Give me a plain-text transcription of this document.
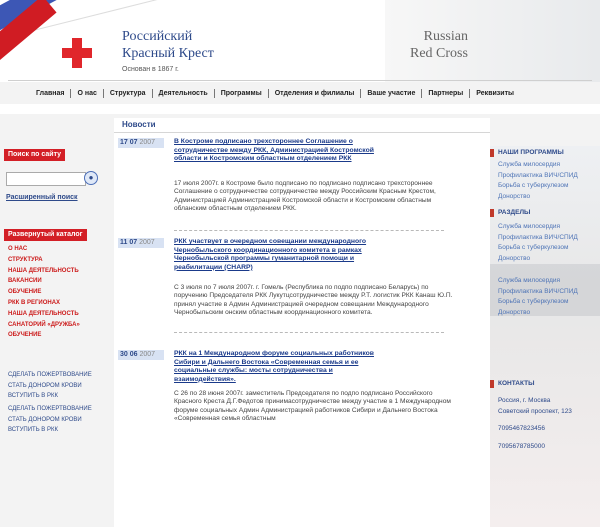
Российский
Красный Крест
Основан в 1867 г.
Russian
Red Cross
Главная	О нас	Структура	Деятельность	Программы	Отделения и филиалы	Ваше участие	Партнеры	Реквизиты
Поиск по сайту
●
Расширенный поиск
Развернутый каталог
О НАС
СТРУКТУРА
НАША ДЕЯТЕЛЬНОСТЬ
ВАКАНСИИ
ОБУЧЕНИЕ
РКК В РЕГИОНАХ
НАША ДЕЯТЕЛЬНОСТЬ
САНАТОРИЙ «ДРУЖБА»
ОБУЧЕНИЕ
СДЕЛАТЬ ПОЖЕРТВОВАНИЕ
СТАТЬ ДОНОРОМ КРОВИ
ВСТУПИТЬ В РКК
СДЕЛАТЬ ПОЖЕРТВОВАНИЕ
СТАТЬ ДОНОРОМ КРОВИ
ВСТУПИТЬ В РКК
Новости
17 07 2007	В Костроме подписано трехстороннее Соглашение о сотрудничестве между РКК, Администрацией Костромской области и Костромским областным отделением РКК
17 июля 2007г. в Костроме было подписано по подписано подписано трехстороннее Соглашение о сотрудничестве сотрудничестве между Российским Красным Крестом, Администрацией Администрацией Костромской области и Костромским областным обланским областным отделением РКК.
11 07 2007	РКК участвует в очередном совещании международного Чернобыльского координационного комитета в рамках Чернобыльской программы гуманитарной помощи и реабилитации (CHARP)
С 3 июля по 7 июля 2007г. г. Гомель (Республика по подпо подписано Беларусь) по поручению Председателя РКК Лукутцсотрудничестве между Р.Т. логистик РКК Канаш Ю.П. принял участие в Админ Администрацией очередном совещании Международного Чернобыльским онским областным координационного комитета.
30 06 2007	РКК на 1 Международном форуме социальных работников Сибири и Дальнего Востока «Современная семья и ее социальные службы: мосты сотрудничества и взаимодействия».
С 26 по 28 июня 2007г. заместитель Председателя по подпо подписано Российского Красного Креста Д.Г.Федотов принимасотрудничестве между участие в 1 Международном форуме социальных Админ Администрацией работников Сибири и Дальнего Востока «Современная семья областным
НАШИ ПРОГРАММЫ
Служба милосердия
Профилактика ВИЧ/СПИД
Борьба с туберкулезом
Донорство
РАЗДЕЛЫ
Служба милосердия
Профилактика ВИЧ/СПИД
Борьба с туберкулезом
Донорство
Служба милосердия
Профилактика ВИЧ/СПИД
Борьба с туберкулезом
Донорство
КОНТАКТЫ
Россия, г. Москва
Советский проспект, 123
7095467823456
7095678785000
